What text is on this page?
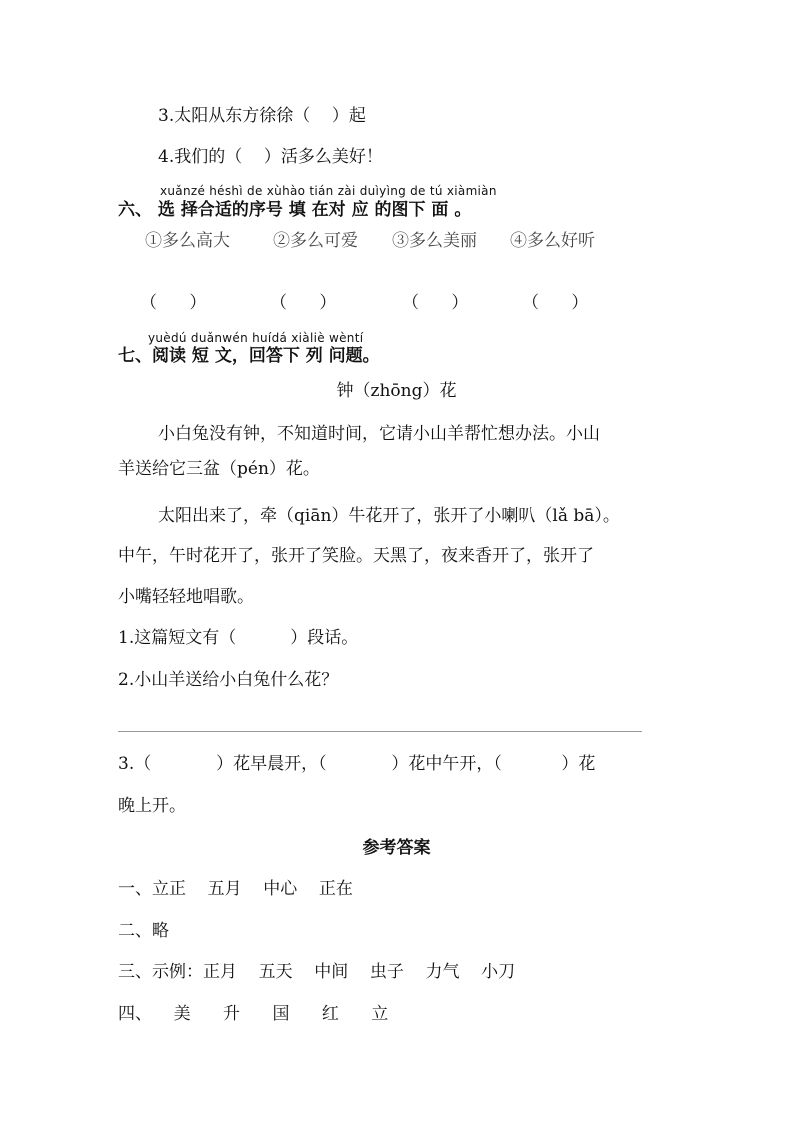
3.太阳从东方徐徐（    ）起
4.我们的（    ）活多么美好！
xuǎnzé héshì de xùhào tián zài duìyìng de tú xiàmiàn
六、 选 择合适的序号 填 在对 应 的图下 面 。
①多么高大	②多么可爱 ③多么美丽 ④多么好听
（      ）	（      ）	（      ）	（      ）
yuèdú duǎnwén huídá xiàliè wèntí
七、阅读 短 文，回答下 列 问题。
钟（zhōng）花
小白兔没有钟，不知道时间，它请小山羊帮忙想办法。小山
羊送给它三盆（pén）花。
太阳出来了，牵（qiān）牛花开了，张开了小喇叭（lǎ bā）。
中午，午时花开了，张开了笑脸。天黑了，夜来香开了，张开了
小嘴轻轻地唱歌。
1.这篇短文有（          ）段话。
2.小山羊送给小白兔什么花？
3.（            ）花早晨开，（            ）花中午开，（           ）花
晚上开。
参考答案
一、立正    五月    中心    正在
二、略
三、示例：正月    五天    中间    虫子    力气    小刀
四、    美      升      国      红      立
